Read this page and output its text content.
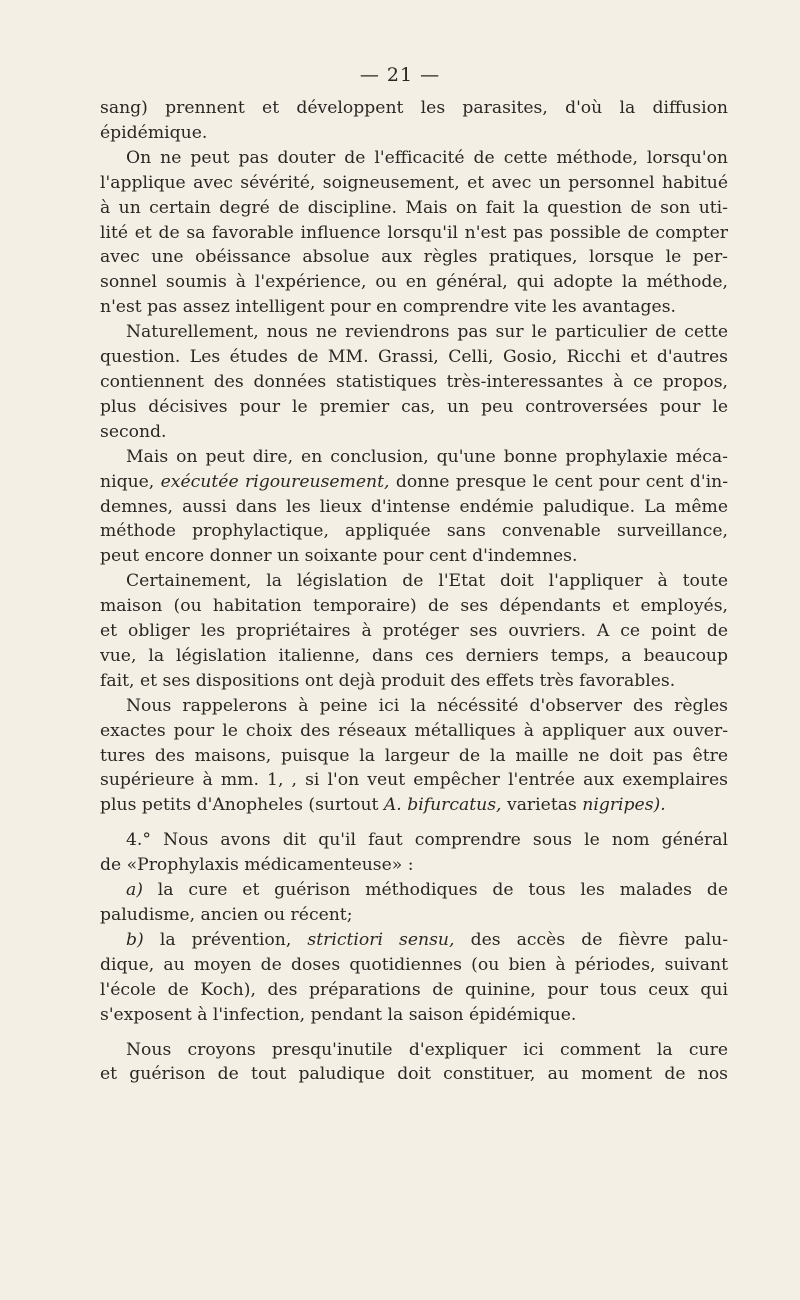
— 21 —
sang) prennent et développent les parasites, d'où la diffusion
épidémique.
On ne peut pas douter de l'efficacité de cette méthode, lorsqu'on
l'applique avec sévérité, soigneusement, et avec un personnel habitué
à un certain degré de discipline. Mais on fait la question de son uti-
lité et de sa favorable influence lorsqu'il n'est pas possible de compter
avec une obéissance absolue aux règles pratiques, lorsque le per-
sonnel soumis à l'expérience, ou en général, qui adopte la méthode,
n'est pas assez intelligent pour en comprendre vite les avantages.
Naturellement, nous ne reviendrons pas sur le particulier de cette
question. Les études de MM. Grassi, Celli, Gosio, Ricchi et d'autres
contiennent des données statistiques très-interessantes à ce propos,
plus décisives pour le premier cas, un peu controversées pour le
second.
Mais on peut dire, en conclusion, qu'une bonne prophylaxie méca-
nique, exécutée rigoureusement, donne presque le cent pour cent d'in-
demnes, aussi dans les lieux d'intense endémie paludique. La même
méthode prophylactique, appliquée sans convenable surveillance,
peut encore donner un soixante pour cent d'indemnes.
Certainement, la législation de l'Etat doit l'appliquer à toute
maison (ou habitation temporaire) de ses dépendants et employés,
et obliger les propriétaires à protéger ses ouvriers. A ce point de
vue, la législation italienne, dans ces derniers temps, a beaucoup
fait, et ses dispositions ont dejà produit des effets très favorables.
Nous rappelerons à peine ici la nécéssité d'observer des règles
exactes pour le choix des réseaux métalliques à appliquer aux ouver-
tures des maisons, puisque la largeur de la maille ne doit pas être
supérieure à mm. 1, , si l'on veut empêcher l'entrée aux exemplaires
plus petits d'Anopheles (surtout A. bifurcatus, varietas nigripes).

4.° Nous avons dit qu'il faut comprendre sous le nom général
de «Prophylaxis médicamenteuse» :
a) la cure et guérison méthodiques de tous les malades de
paludisme, ancien ou récent;
b) la prévention, strictiori sensu, des accès de fièvre palu-
dique, au moyen de doses quotidiennes (ou bien à périodes, suivant
l'école de Koch), des préparations de quinine, pour tous ceux qui
s'exposent à l'infection, pendant la saison épidémique.

Nous croyons presqu'inutile d'expliquer ici comment la cure
et guérison de tout paludique doit constituer, au moment de nos
